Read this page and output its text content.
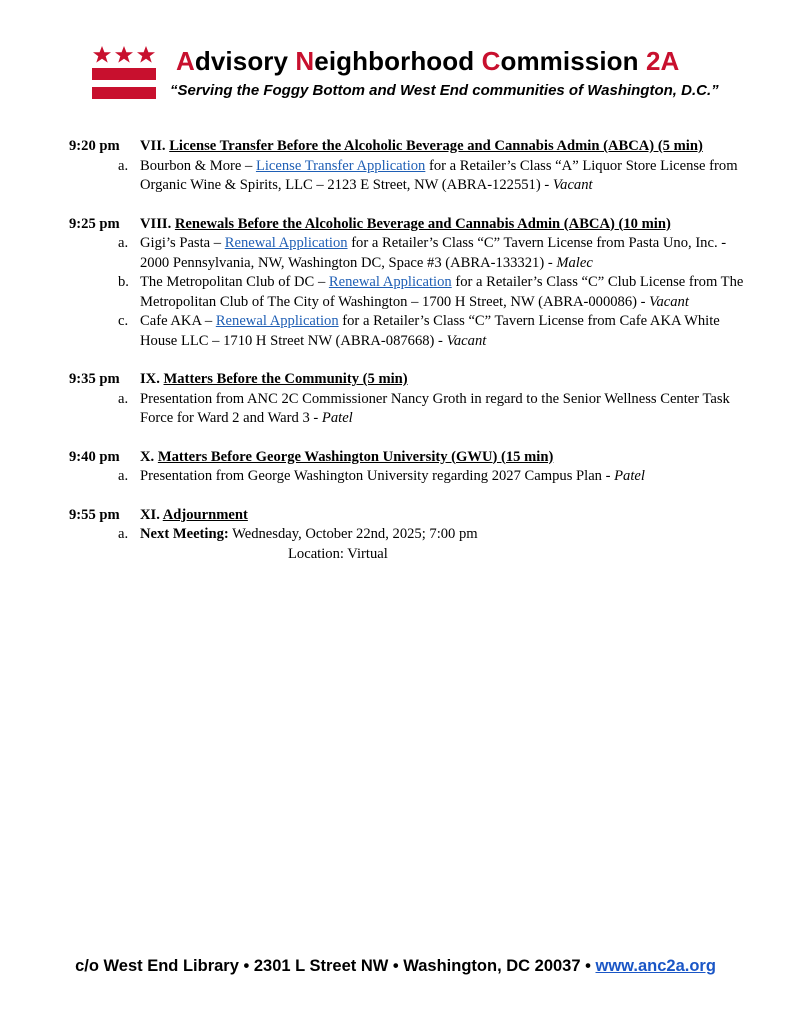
Advisory Neighborhood Commission 2A
“Serving the Foggy Bottom and West End communities of Washington, D.C.”
9:20 pm VII. License Transfer Before the Alcoholic Beverage and Cannabis Admin (ABCA) (5 min)
a. Bourbon & More – License Transfer Application for a Retailer’s Class “A” Liquor Store License from
Organic Wine & Spirits, LLC – 2123 E Street, NW (ABRA-122551) - Vacant
9:25 pm VIII. Renewals Before the Alcoholic Beverage and Cannabis Admin (ABCA) (10 min)
a. Gigi’s Pasta – Renewal Application for a Retailer’s Class “C” Tavern License from Pasta Uno, Inc. -
2000 Pennsylvania, NW, Washington DC, Space #3 (ABRA-133321) - Malec
b. The Metropolitan Club of DC – Renewal Application for a Retailer’s Class “C” Club License from The
Metropolitan Club of The City of Washington – 1700 H Street, NW (ABRA-000086) - Vacant
c. Cafe AKA – Renewal Application for a Retailer’s Class “C” Tavern License from Cafe AKA White
House LLC – 1710 H Street NW (ABRA-087668) - Vacant
9:35 pm IX. Matters Before the Community (5 min)
a. Presentation from ANC 2C Commissioner Nancy Groth in regard to the Senior Wellness Center Task
Force for Ward 2 and Ward 3 - Patel
9:40 pm X. Matters Before George Washington University (GWU) (15 min)
a. Presentation from George Washington University regarding 2027 Campus Plan - Patel
9:55 pm XI. Adjournment
a. Next Meeting: Wednesday, October 22nd, 2025; 7:00 pm
Location: Virtual
c/o West End Library • 2301 L Street NW • Washington, DC 20037 • www.anc2a.org
